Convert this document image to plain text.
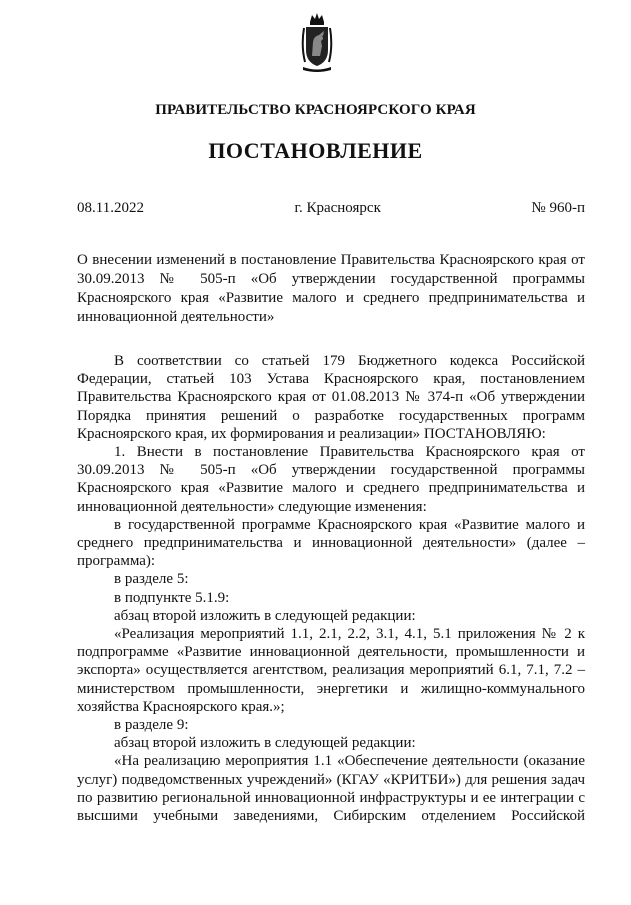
ПРАВИТЕЛЬСТВО КРАСНОЯРСКОГО КРАЯ
ПОСТАНОВЛЕНИЕ
08.11.2022	г. Красноярск	№ 960-п
О внесении изменений в постановление Правительства Красноярского края от 30.09.2013 № 505-п «Об утверждении государственной программы Красноярского края «Развитие малого и среднего предпринимательства и инновационной деятельности»

В соответствии со статьей 179 Бюджетного кодекса Российской Федерации, статьей 103 Устава Красноярского края, постановлением Правительства Красноярского края от 01.08.2013 № 374-п «Об утверждении Порядка принятия решений о разработке государственных программ Красноярского края, их формирования и реализации» ПОСТАНОВЛЯЮ:

1. Внести в постановление Правительства Красноярского края от 30.09.2013 № 505-п «Об утверждении государственной программы Красноярского края «Развитие малого и среднего предпринимательства и инновационной деятельности» следующие изменения:

в государственной программе Красноярского края «Развитие малого и среднего предпринимательства и инновационной деятельности» (далее – программа):

в разделе 5:

в подпункте 5.1.9:

абзац второй изложить в следующей редакции:

«Реализация мероприятий 1.1, 2.1, 2.2, 3.1, 4.1, 5.1 приложения № 2 к подпрограмме «Развитие инновационной деятельности, промышленности и экспорта» осуществляется агентством, реализация мероприятий 6.1, 7.1, 7.2 – министерством промышленности, энергетики и жилищно-коммунального хозяйства Красноярского края.»;

в разделе 9:

абзац второй изложить в следующей редакции:

«На реализацию мероприятия 1.1 «Обеспечение деятельности (оказание услуг) подведомственных учреждений» (КГАУ «КРИТБИ») для решения задач по развитию региональной инновационной инфраструктуры и ее интеграции с высшими учебными заведениями, Сибирским отделением Российской
